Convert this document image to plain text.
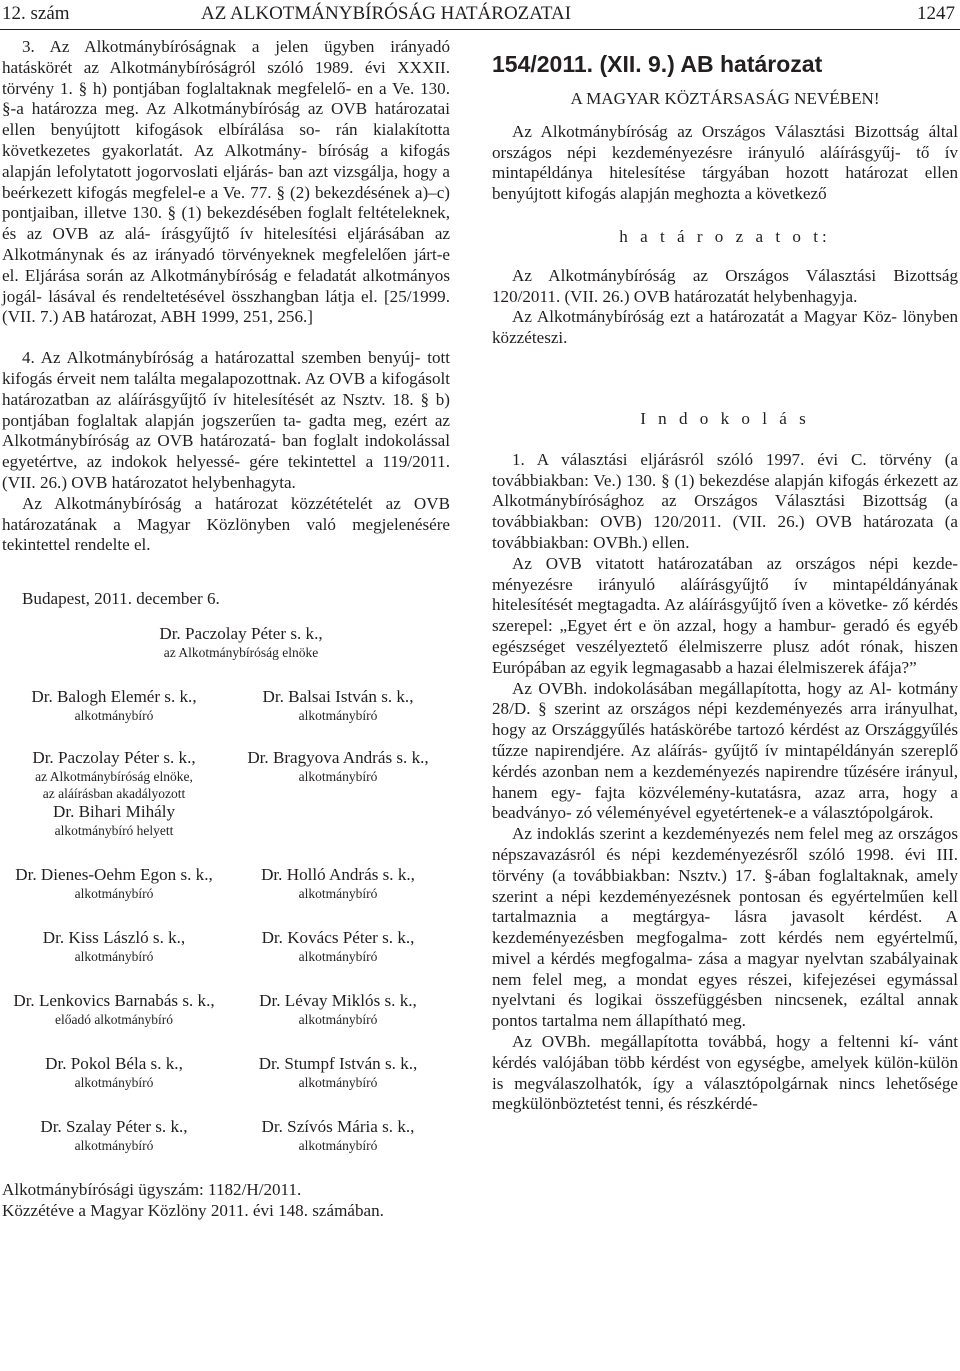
12. szám	AZ ALKOTMÁNYBÍRÓSÁG HATÁROZATAI	1247

3. Az Alkotmánybíróságnak a jelen ügyben irányadó hatáskörét az Alkotmánybíróságról szóló 1989. évi XXXII. törvény 1. § h) pontjában foglaltaknak megfelelő- en a Ve. 130. §-a határozza meg. Az Alkotmánybíróság az OVB határozatai ellen benyújtott kifogások elbírálása so- rán kialakította következetes gyakorlatát. Az Alkotmány- bíróság a kifogás alapján lefolytatott jogorvoslati eljárás- ban azt vizsgálja, hogy a beérkezett kifogás megfelel-e a Ve. 77. § (2) bekezdésének a)–c) pontjaiban, illetve 130. § (1) bekezdésében foglalt feltételeknek, és az OVB az alá- írásgyűjtő ív hitelesítési eljárásában az Alkotmánynak és az irányadó törvényeknek megfelelően járt-e el. Eljárása során az Alkotmánybíróság e feladatát alkotmányos jogál- lásával és rendeltetésével összhangban látja el. [25/1999. (VII. 7.) AB határozat, ABH 1999, 251, 256.]

4. Az Alkotmánybíróság a határozattal szemben benyúj- tott kifogás érveit nem találta megalapozottnak. Az OVB a kifogásolt határozatban az aláírásgyűjtő ív hitelesítését az Nsztv. 18. § b) pontjában foglaltak alapján jogszerűen ta- gadta meg, ezért az Alkotmánybíróság az OVB határozatá- ban foglalt indokolással egyetértve, az indokok helyessé- gére tekintettel a 119/2011. (VII. 26.) OVB határozatot helybenhagyta.

Az Alkotmánybíróság a határozat közzétételét az OVB határozatának a Magyar Közlönyben való megjelenésére tekintettel rendelte el.

Budapest, 2011. december 6.

Dr. Paczolay Péter s. k.,
az Alkotmánybíróság elnöke
Dr. Balogh Elemér s. k.,
alkotmánybíró
Dr. Balsai István s. k.,
alkotmánybíró
Dr. Paczolay Péter s. k.,
az Alkotmánybíróság elnöke,
az aláírásban akadályozott
Dr. Bihari Mihály
alkotmánybíró helyett
Dr. Bragyova András s. k.,
alkotmánybíró
Dr. Dienes-Oehm Egon s. k.,
alkotmánybíró
Dr. Holló András s. k.,
alkotmánybíró
Dr. Kiss László s. k.,
alkotmánybíró
Dr. Kovács Péter s. k.,
alkotmánybíró
Dr. Lenkovics Barnabás s. k.,
előadó alkotmánybíró
Dr. Lévay Miklós s. k.,
alkotmánybíró
Dr. Pokol Béla s. k.,
alkotmánybíró
Dr. Stumpf István s. k.,
alkotmánybíró
Dr. Szalay Péter s. k.,
alkotmánybíró
Dr. Szívós Mária s. k.,
alkotmánybíró

Alkotmánybírósági ügyszám: 1182/H/2011.

Közzétéve a Magyar Közlöny 2011. évi 148. számában.

154/2011. (XII. 9.) AB határozat

A MAGYAR KÖZTÁRSASÁG NEVÉBEN!

Az Alkotmánybíróság az Országos Választási Bizottság által országos népi kezdeményezésre irányuló aláírásgyűj- tő ív mintapéldánya hitelesítése tárgyában hozott határozat ellen benyújtott kifogás alapján meghozta a következő

h a t á r o z a t o t:

Az Alkotmánybíróság az Országos Választási Bizottság 120/2011. (VII. 26.) OVB határozatát helybenhagyja.

Az Alkotmánybíróság ezt a határozatát a Magyar Köz- lönyben közzéteszi.

I n d o k o l á s

1. A választási eljárásról szóló 1997. évi C. törvény (a továbbiakban: Ve.) 130. § (1) bekezdése alapján kifogás érkezett az Alkotmánybírósághoz az Országos Választási Bizottság (a továbbiakban: OVB) 120/2011. (VII. 26.) OVB határozata (a továbbiakban: OVBh.) ellen.

Az OVB vitatott határozatában az országos népi kezde- ményezésre irányuló aláírásgyűjtő ív mintapéldányának hitelesítését megtagadta. Az aláírásgyűjtő íven a követke- ző kérdés szerepel: „Egyet ért e ön azzal, hogy a hambur- geradó és egyéb egészséget veszélyeztető élelmiszerre plusz adót rónak, hiszen Európában az egyik legmagasabb a hazai élelmiszerek áfája?”

Az OVBh. indokolásában megállapította, hogy az Al- kotmány 28/D. § szerint az országos népi kezdeményezés arra irányulhat, hogy az Országgyűlés hatáskörébe tartozó kérdést az Országgyűlés tűzze napirendjére. Az aláírás- gyűjtő ív mintapéldányán szereplő kérdés azonban nem a kezdeményezés napirendre tűzésére irányul, hanem egy- fajta közvélemény-kutatásra, azaz arra, hogy a beadványo- zó véleményével egyetértenek-e a választópolgárok.

Az indoklás szerint a kezdeményezés nem felel meg az országos népszavazásról és népi kezdeményezésről szóló 1998. évi III. törvény (a továbbiakban: Nsztv.) 17. §-ában foglaltaknak, amely szerint a népi kezdeményezésnek pontosan és egyértelműen kell tartalmaznia a megtárgya- lásra javasolt kérdést. A kezdeményezésben megfogalma- zott kérdés nem egyértelmű, mivel a kérdés megfogalma- zása a magyar nyelvtan szabályainak nem felel meg, a mondat egyes részei, kifejezései egymással nyelvtani és logikai összefüggésben nincsenek, ezáltal annak pontos tartalma nem állapítható meg.

Az OVBh. megállapította továbbá, hogy a feltenni kí- vánt kérdés valójában több kérdést von egységbe, amelyek külön-külön is megválaszolhatók, így a választópolgárnak nincs lehetősége megkülönböztetést tenni, és részkérdé-
